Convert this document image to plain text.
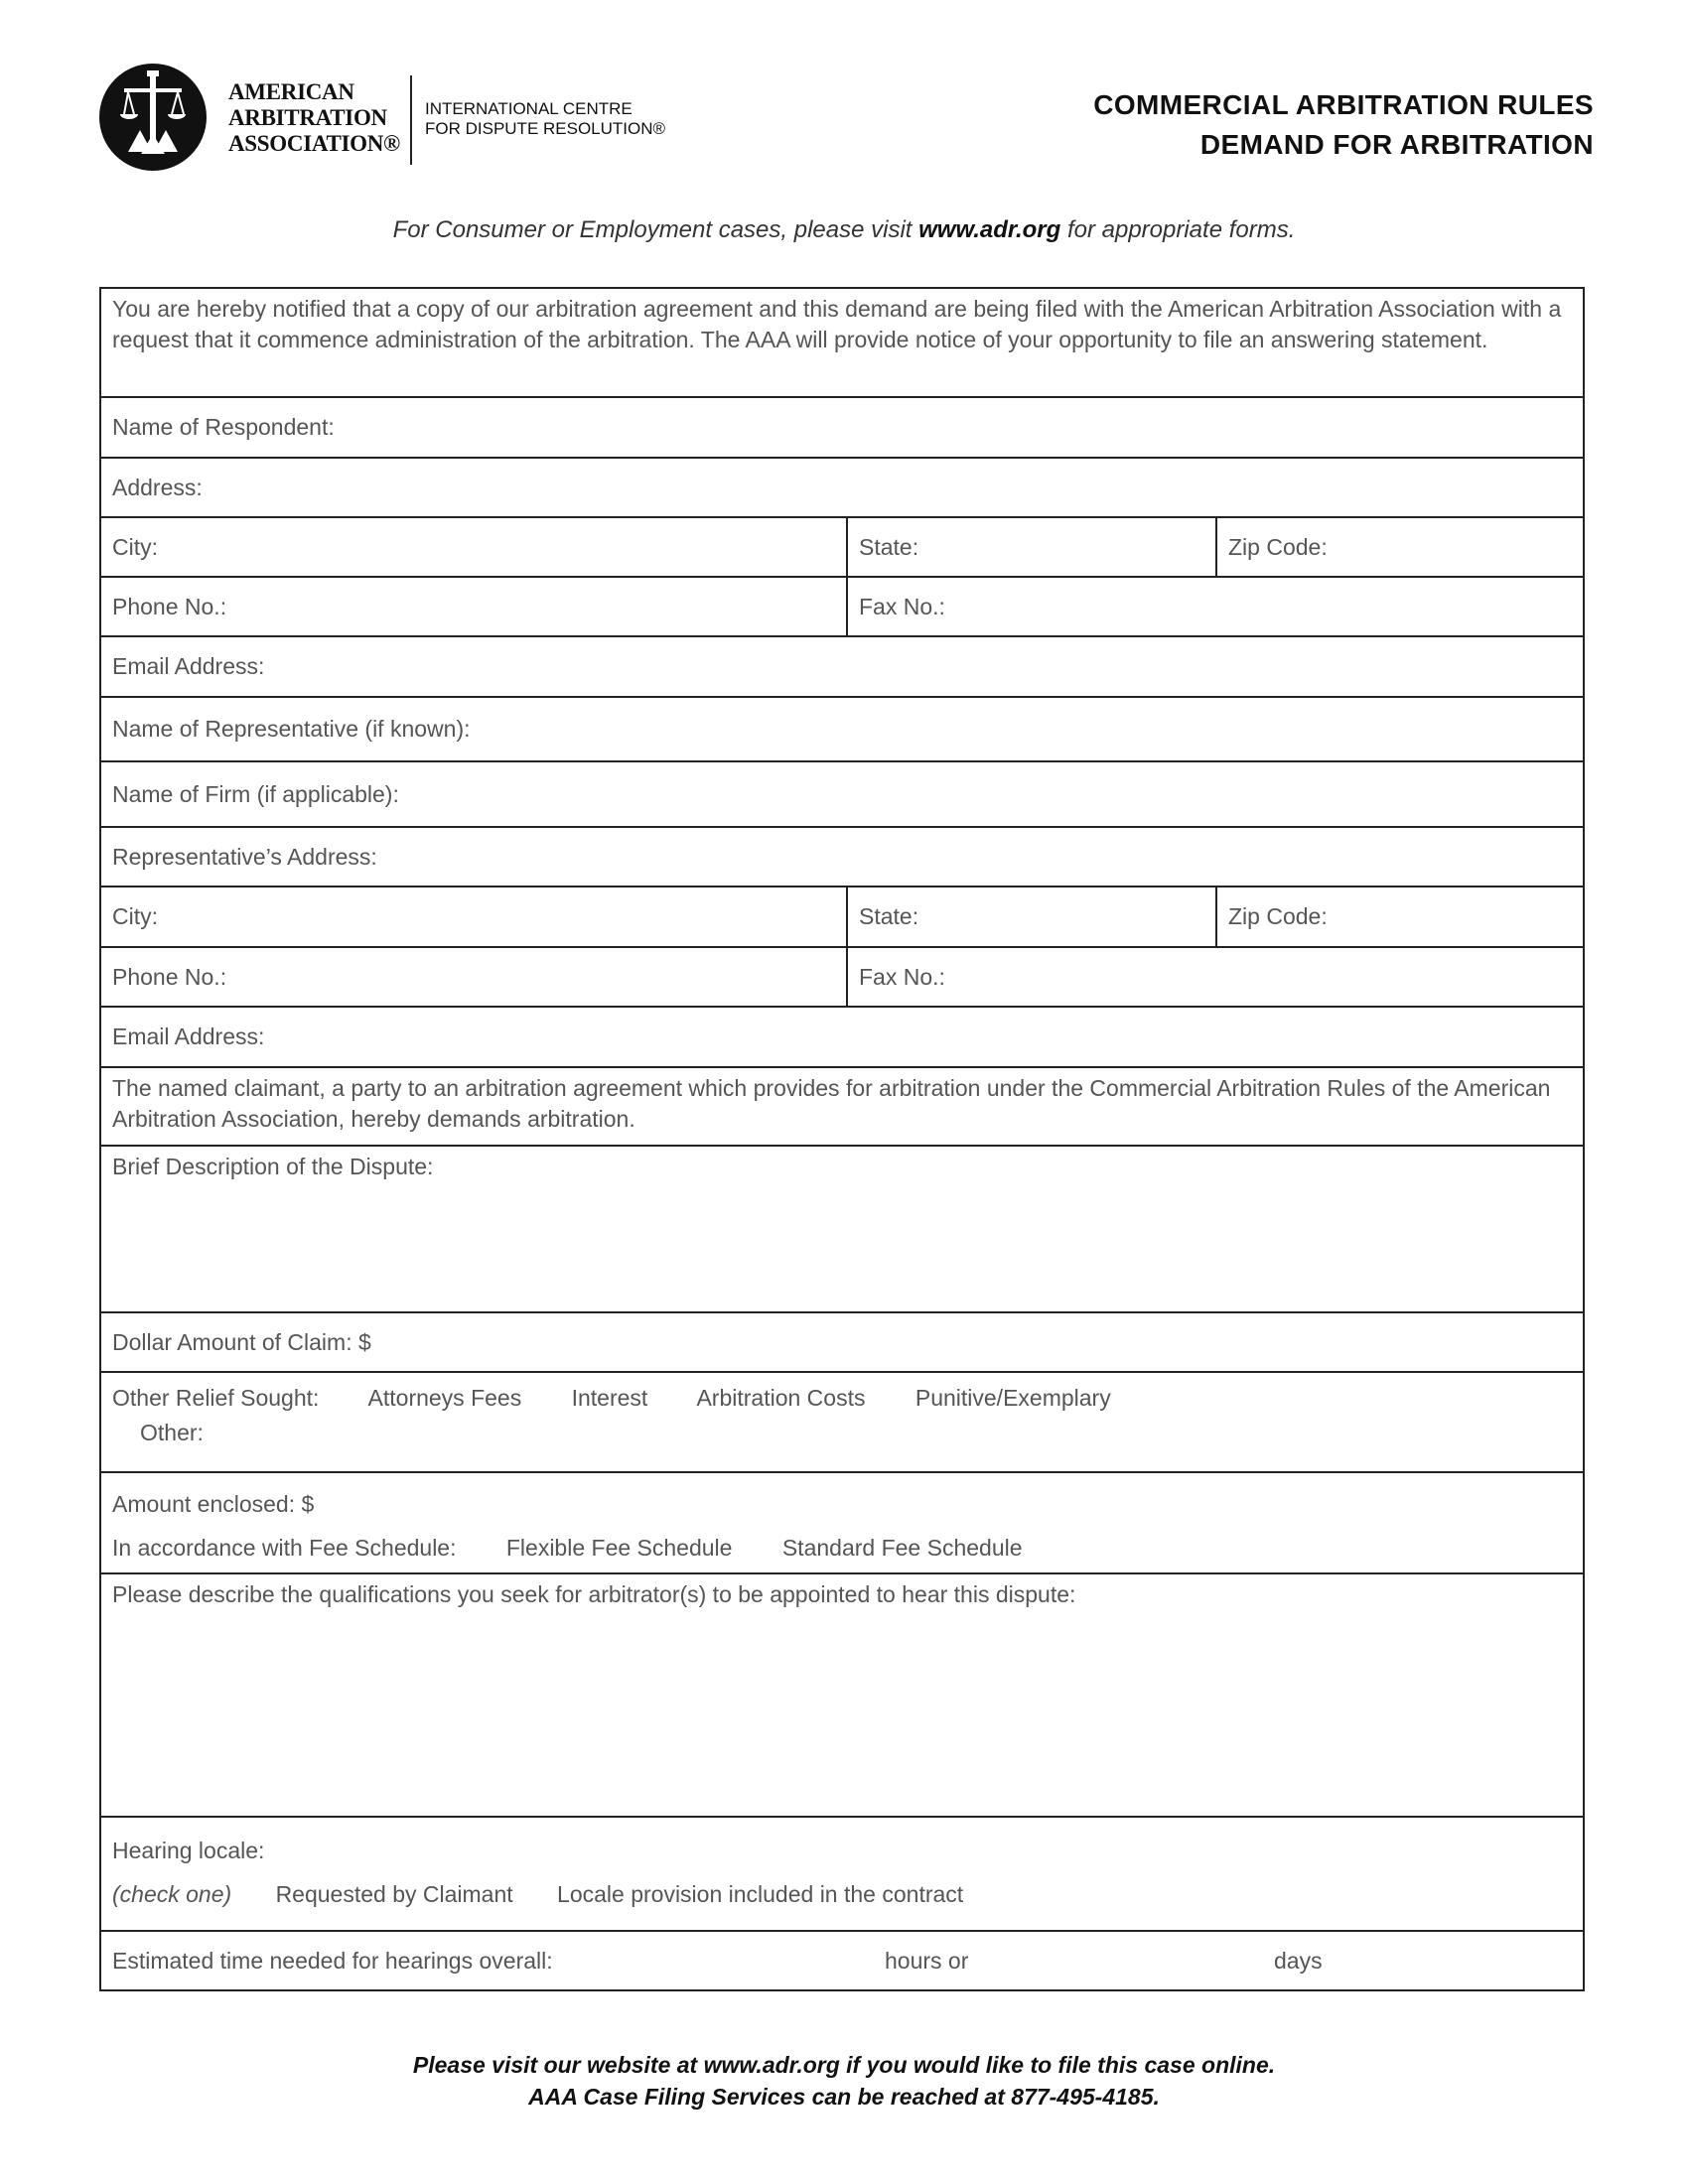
AMERICAN
ARBITRATION
ASSOCIATION®
INTERNATIONAL CENTRE
FOR DISPUTE RESOLUTION®
COMMERCIAL ARBITRATION RULES
DEMAND FOR ARBITRATION
For Consumer or Employment cases, please visit www.adr.org for appropriate forms.
You are hereby notified that a copy of our arbitration agreement and this demand are being filed with the American Arbitration Association with a request that it commence administration of the arbitration. The AAA will provide notice of your opportunity to file an answering statement.
Name of Respondent:
Address:
City:	State:	Zip Code:
Phone No.:	Fax No.:
Email Address:
Name of Representative (if known):
Name of Firm (if applicable):
Representative’s Address:
City:	State:	Zip Code:
Phone No.:	Fax No.:
Email Address:
The named claimant, a party to an arbitration agreement which provides for arbitration under the Commercial Arbitration Rules of the American Arbitration Association, hereby demands arbitration.
Brief Description of the Dispute:
Dollar Amount of Claim: $
Other Relief Sought: Attorneys Fees Interest Arbitration Costs Punitive/Exemplary
Other:
Amount enclosed: $
In accordance with Fee Schedule: Flexible Fee Schedule Standard Fee Schedule
Please describe the qualifications you seek for arbitrator(s) to be appointed to hear this dispute:
Hearing locale:
(check one) Requested by Claimant Locale provision included in the contract
Estimated time needed for hearings overall:	hours or	days
Please visit our website at www.adr.org if you would like to file this case online.
AAA Case Filing Services can be reached at 877-495-4185.
